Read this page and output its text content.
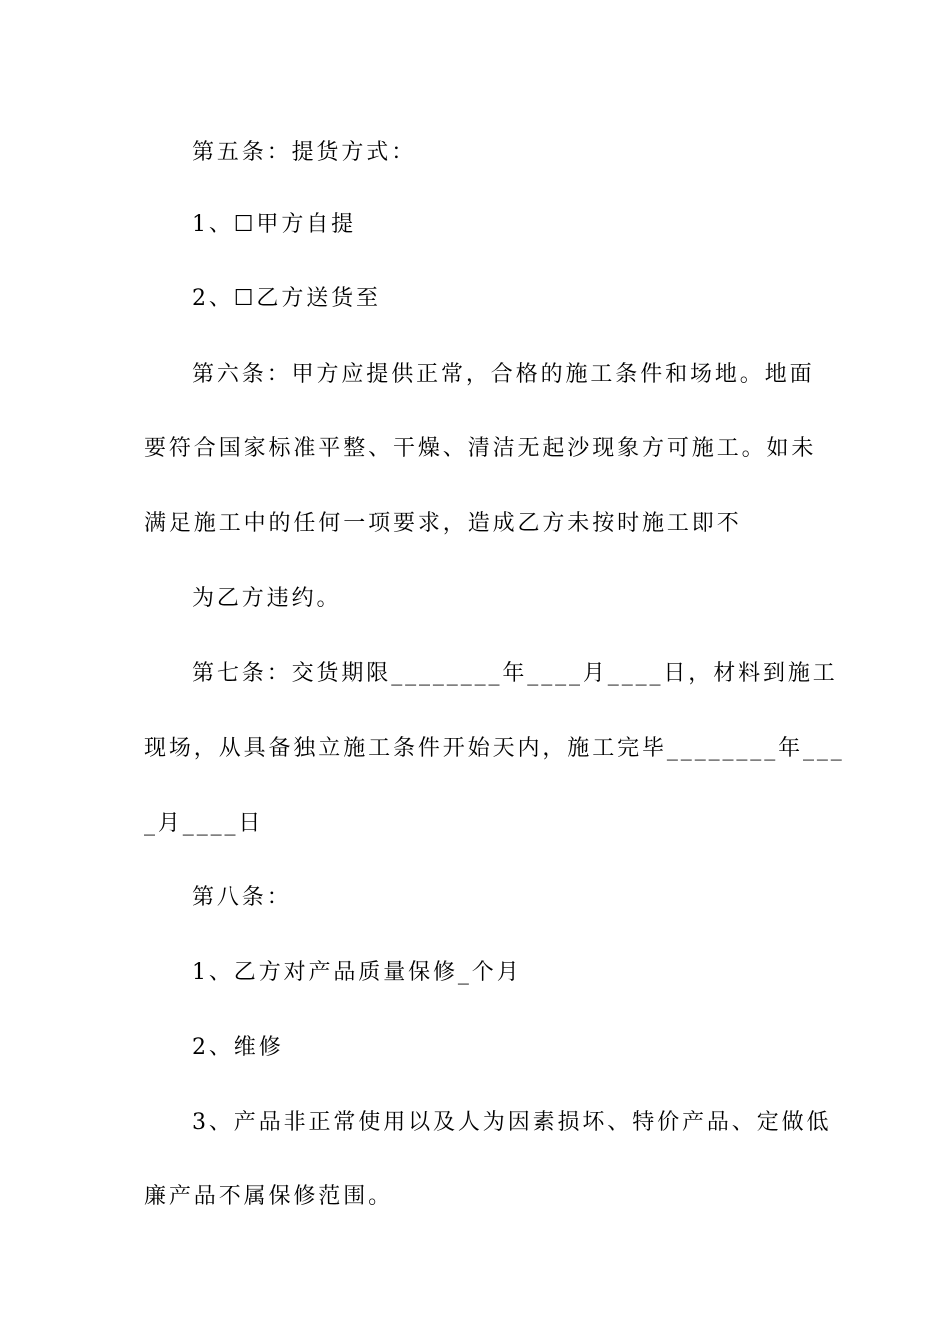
第五条：提货方式：
1、☐甲方自提
2、☐乙方送货至
第六条：甲方应提供正常，合格的施工条件和场地。地面
要符合国家标准平整、干燥、清洁无起沙现象方可施工。如未
满足施工中的任何一项要求，造成乙方未按时施工即不
为乙方违约。
第七条：交货期限________年____月____日，材料到施工
现场，从具备独立施工条件开始天内，施工完毕________年___
_月____日
第八条：
1、乙方对产品质量保修_个月
2、维修
3、产品非正常使用以及人为因素损坏、特价产品、定做低
廉产品不属保修范围。
